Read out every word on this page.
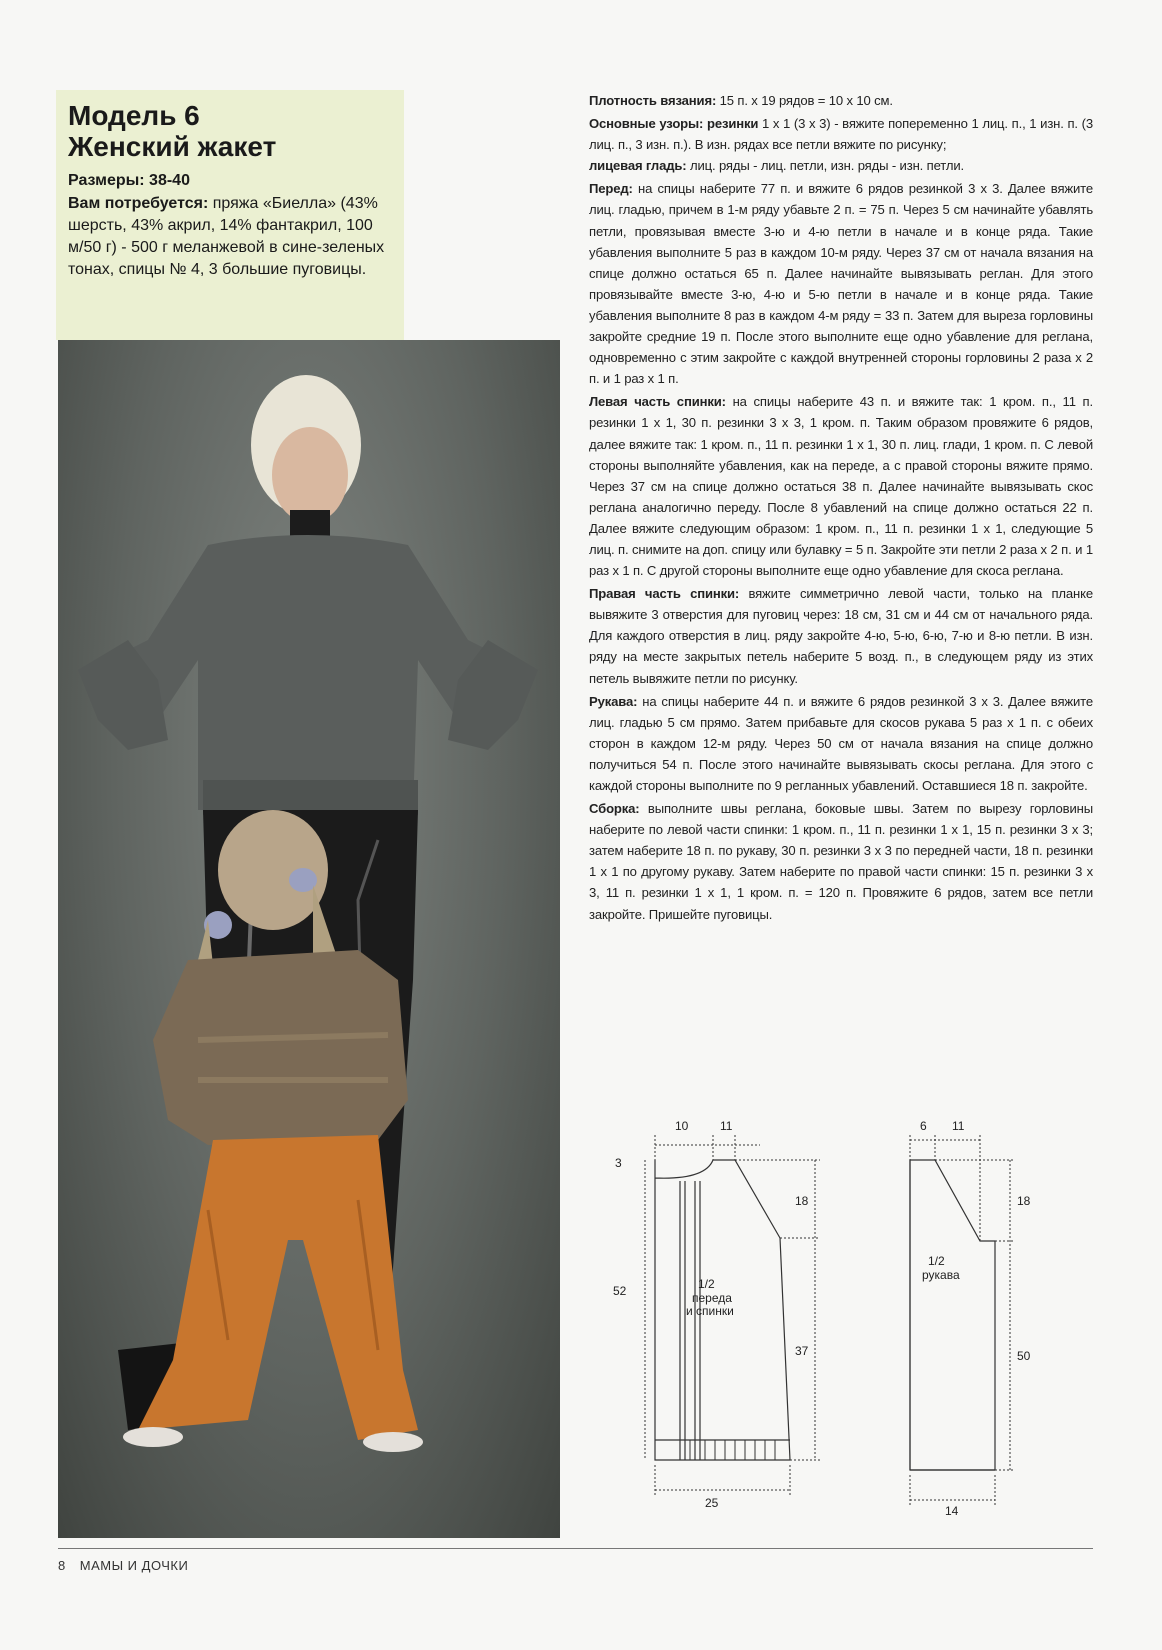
Модель 6
Женский жакет
Размеры: 38-40
Вам потребуется: пряжа «Биелла» (43% шерсть, 43% акрил, 14% фантакрил, 100 м/50 г) - 500 г меланжевой в сине-зеленых тонах, спицы № 4, 3 большие пуговицы.

Плотность вязания: 15 п. х 19 рядов = 10 х 10 см.

Основные узоры: резинки 1 х 1 (3 х 3) - вяжите попеременно 1 лиц. п., 1 изн. п. (3 лиц. п., 3 изн. п.). В изн. рядах все петли вяжите по рисунку;
лицевая гладь: лиц. ряды - лиц. петли, изн. ряды - изн. петли.

Перед: на спицы наберите 77 п. и вяжите 6 рядов резинкой 3 х 3. Далее вяжите лиц. гладью, причем в 1-м ряду убавьте 2 п. = 75 п. Через 5 см начинайте убавлять петли, провязывая вместе 3-ю и 4-ю петли в начале и в конце ряда. Такие убавления выполните 5 раз в каждом 10-м ряду. Через 37 см от начала вязания на спице должно остаться 65 п. Далее начинайте вывязывать реглан. Для этого провязывайте вместе 3-ю, 4-ю и 5-ю петли в начале и в конце ряда. Такие убавления выполните 8 раз в каждом 4-м ряду = 33 п. Затем для выреза горловины закройте средние 19 п. После этого выполните еще одно убавление для реглана, одновременно с этим закройте с каждой внутренней стороны горловины 2 раза х 2 п. и 1 раз х 1 п.

Левая часть спинки: на спицы наберите 43 п. и вяжите так: 1 кром. п., 11 п. резинки 1 х 1, 30 п. резинки 3 х 3, 1 кром. п. Таким образом провяжите 6 рядов, далее вяжите так: 1 кром. п., 11 п. резинки 1 х 1, 30 п. лиц. глади, 1 кром. п. С левой стороны выполняйте убавления, как на переде, а с правой стороны вяжите прямо. Через 37 см на спице должно остаться 38 п. Далее начинайте вывязывать скос реглана аналогично переду. После 8 убавлений на спице должно остаться 22 п. Далее вяжите следующим образом: 1 кром. п., 11 п. резинки 1 х 1, следующие 5 лиц. п. снимите на доп. спицу или булавку = 5 п. Закройте эти петли 2 раза х 2 п. и 1 раз х 1 п. С другой стороны выполните еще одно убавление для скоса реглана.

Правая часть спинки: вяжите симметрично левой части, только на планке вывяжите 3 отверстия для пуговиц через: 18 см, 31 см и 44 см от начального ряда. Для каждого отверстия в лиц. ряду закройте 4-ю, 5-ю, 6-ю, 7-ю и 8-ю петли. В изн. ряду на месте закрытых петель наберите 5 возд. п., в следующем ряду из этих петель вывяжите петли по рисунку.

Рукава: на спицы наберите 44 п. и вяжите 6 рядов резинкой 3 х 3. Далее вяжите лиц. гладью 5 см прямо. Затем прибавьте для скосов рукава 5 раз х 1 п. с обеих сторон в каждом 12-м ряду. Через 50 см от начала вязания на спице должно получиться 54 п. После этого начинайте вывязывать скосы реглана. Для этого с каждой стороны выполните по 9 регланных убавлений. Оставшиеся 18 п. закройте.

Сборка: выполните швы реглана, боковые швы. Затем по вырезу горловины наберите по левой части спинки: 1 кром. п., 11 п. резинки 1 х 1, 15 п. резинки 3 х 3; затем наберите 18 п. по рукаву, 30 п. резинки 3 х 3 по передней части, 18 п. резинки 1 х 1 по другому рукаву. Затем наберите по правой части спинки: 15 п. резинки 3 х 3, 11 п. резинки 1 х 1, 1 кром. п. = 120 п. Провяжите 6 рядов, затем все петли закройте. Пришейте пуговицы.

10	11
3
18
52
37
25
1/2
переда
и спинки
6 11
18
50
14
1/2
рукава
8 МАМЫ И ДОЧКИ
